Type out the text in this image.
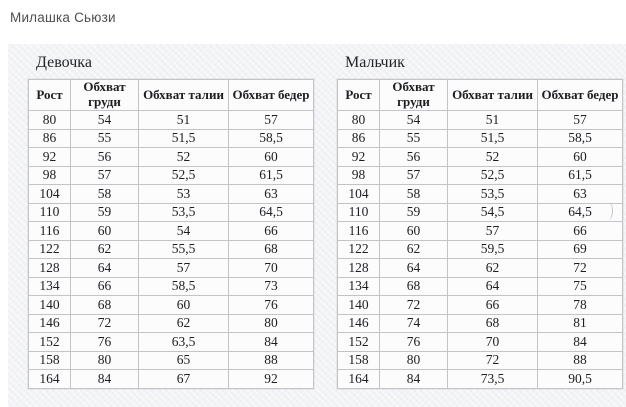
Милашка Сьюзи
Девочка
Рост	Обхват груди	Обхват талии	Обхват бедер
80	54	51	57
86	55	51,5	58,5
92	56	52	60
98	57	52,5	61,5
104	58	53	63
110	59	53,5	64,5
116	60	54	66
122	62	55,5	68
128	64	57	70
134	66	58,5	73
140	68	60	76
146	72	62	80
152	76	63,5	84
158	80	65	88
164	84	67	92
Мальчик
Рост	Обхват груди	Обхват талии	Обхват бедер
80	54	51	57
86	55	51,5	58,5
92	56	52	60
98	57	52,5	61,5
104	58	53,5	63
110	59	54,5	64,5
116	60	57	66
122	62	59,5	69
128	64	62	72
134	68	64	75
140	72	66	78
146	74	68	81
152	76	70	84
158	80	72	88
164	84	73,5	90,5
